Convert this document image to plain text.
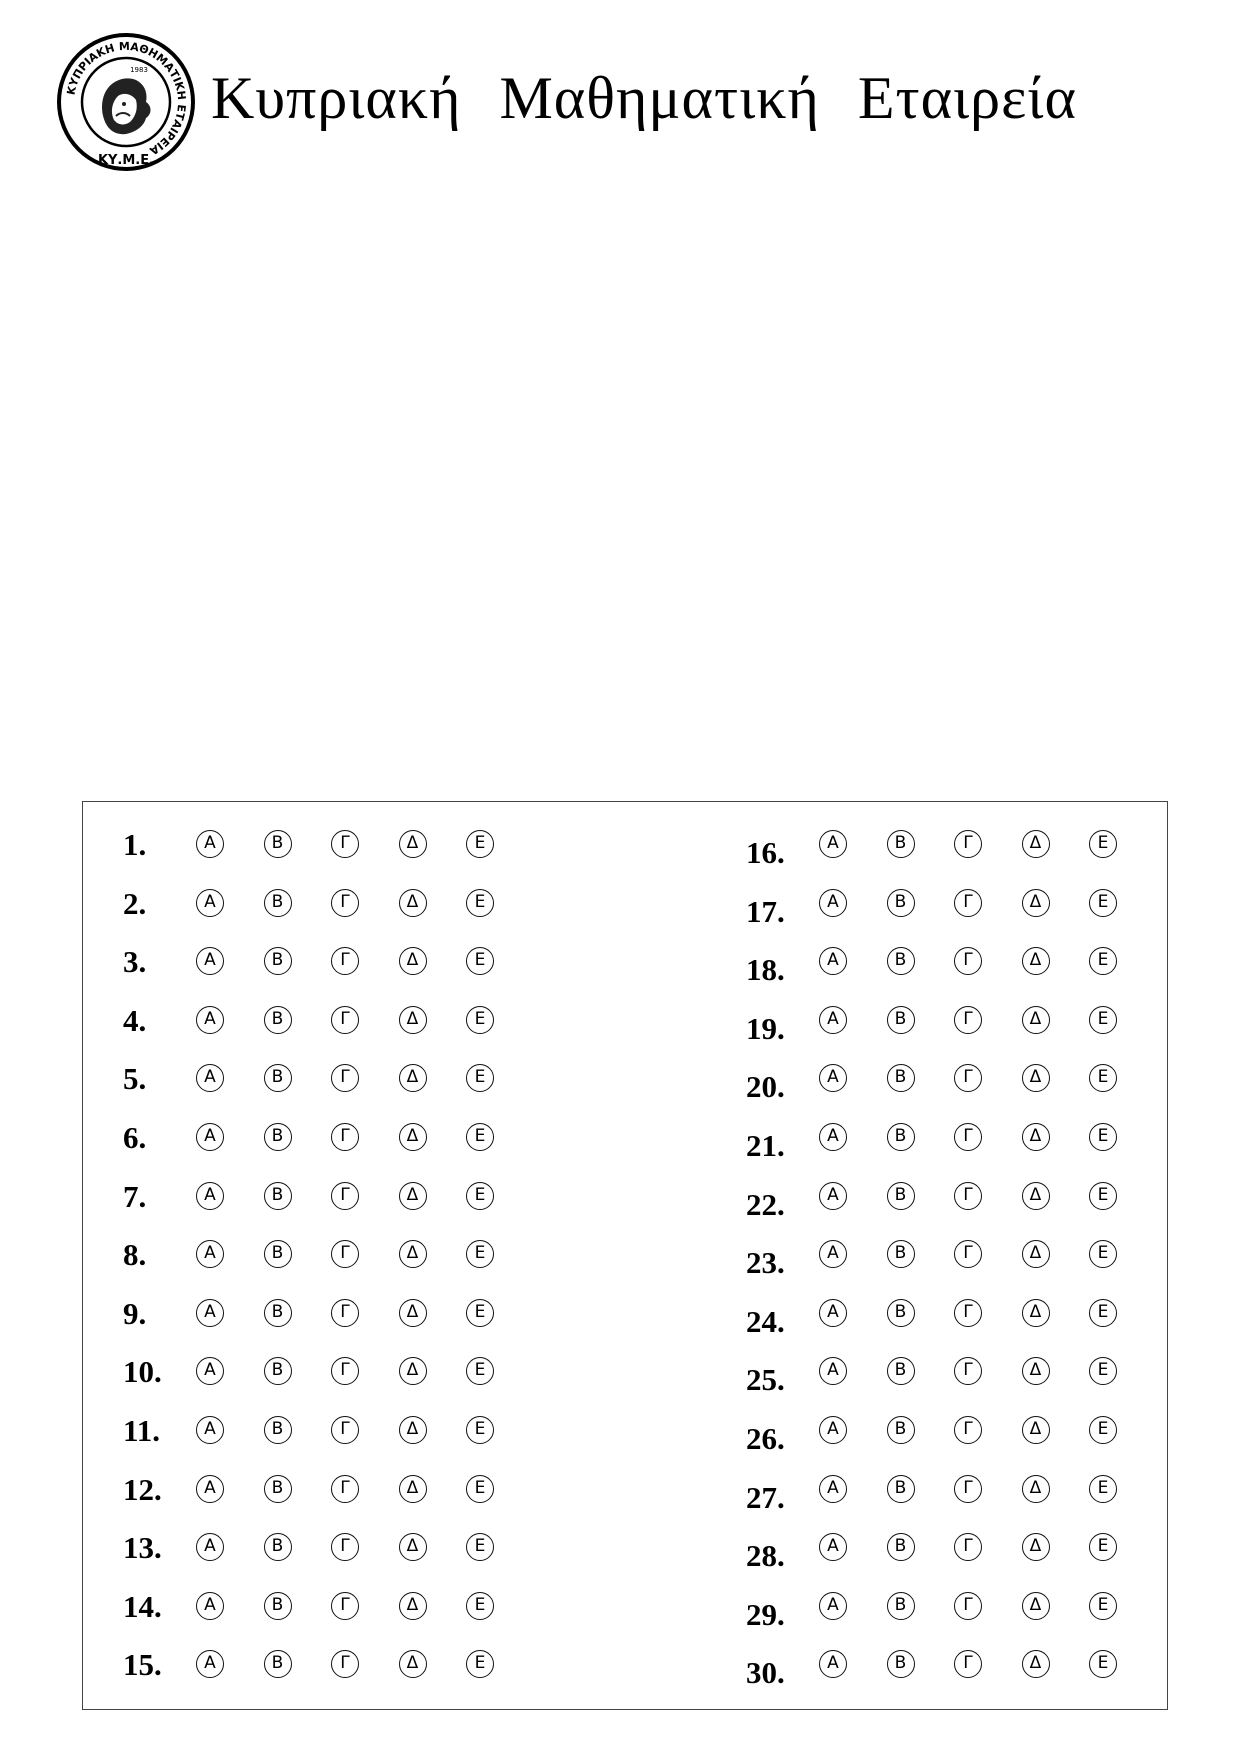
ΚΥΠΡΙΑΚΗ ΜΑΘΗΜΑΤΙΚΗ ΕΤΑΙΡΕΙΑ
ΚΥ.Μ.Ε.
1983 Κυπριακή Μαθηματική Εταιρεία
1.	A	B	Γ	Δ	E
2.	A	B	Γ	Δ	E
3.	A	B	Γ	Δ	E
4.	A	B	Γ	Δ	E
5.	A	B	Γ	Δ	E
6.	A	B	Γ	Δ	E
7.	A	B	Γ	Δ	E
8.	A	B	Γ	Δ	E
9.	A	B	Γ	Δ	E
10.	A	B	Γ	Δ	E
11.	A	B	Γ	Δ	E
12.	A	B	Γ	Δ	E
13.	A	B	Γ	Δ	E
14.	A	B	Γ	Δ	E
15.	A	B	Γ	Δ	E
16.	A	B	Γ	Δ	E
17.	A	B	Γ	Δ	E
18.	A	B	Γ	Δ	E
19.	A	B	Γ	Δ	E
20.	A	B	Γ	Δ	E
21.	A	B	Γ	Δ	E
22.	A	B	Γ	Δ	E
23.	A	B	Γ	Δ	E
24.	A	B	Γ	Δ	E
25.	A	B	Γ	Δ	E
26.	A	B	Γ	Δ	E
27.	A	B	Γ	Δ	E
28.	A	B	Γ	Δ	E
29.	A	B	Γ	Δ	E
30.	A	B	Γ	Δ	E
